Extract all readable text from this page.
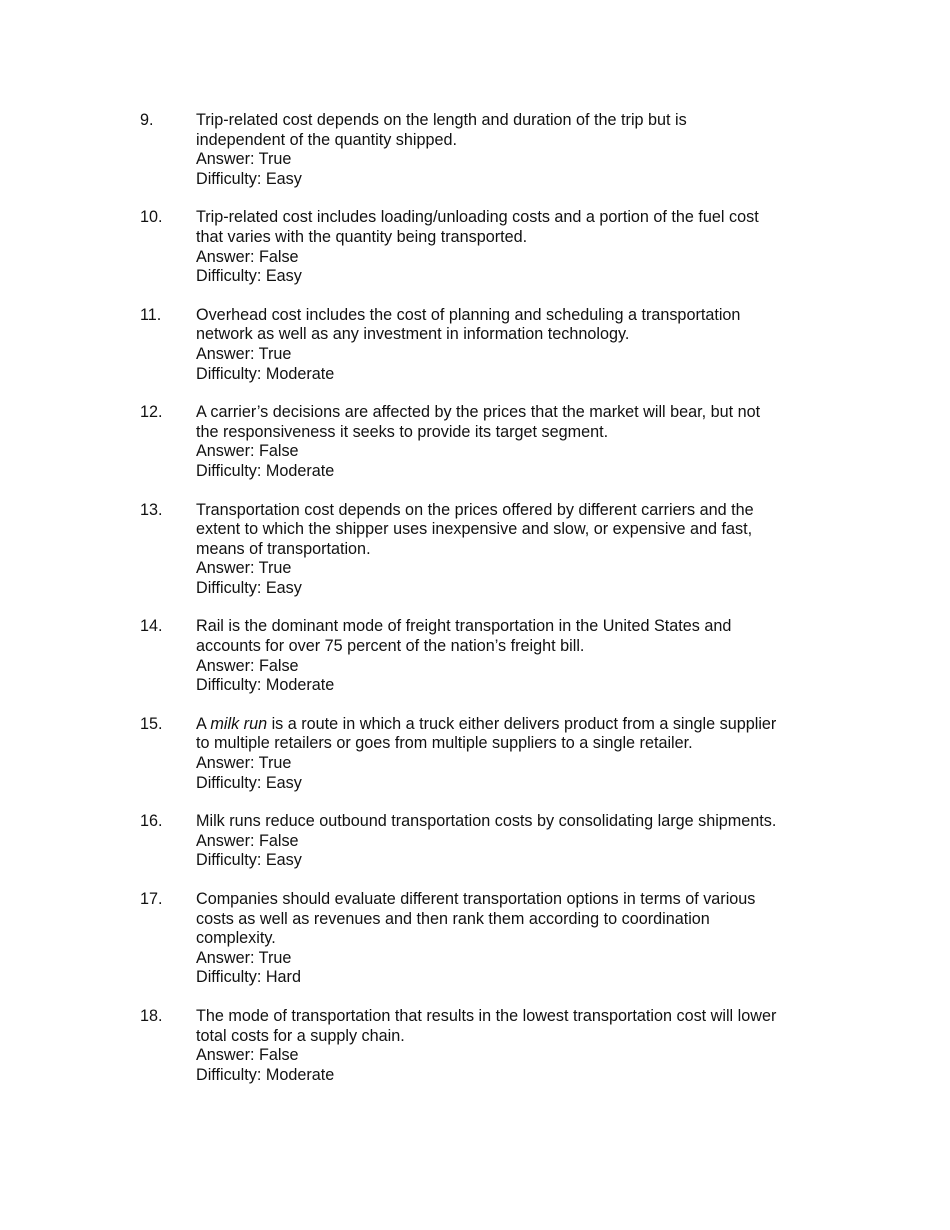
9.	Trip-related cost depends on the length and duration of the trip but is
independent of the quantity shipped.
Answer: True
Difficulty: Easy
10. Trip-related cost includes loading/unloading costs and a portion of the fuel cost
that varies with the quantity being transported.
Answer: False
Difficulty: Easy
11. Overhead cost includes the cost of planning and scheduling a transportation
network as well as any investment in information technology.
Answer: True
Difficulty: Moderate
12. A carrier’s decisions are affected by the prices that the market will bear, but not
the responsiveness it seeks to provide its target segment.
Answer: False
Difficulty: Moderate
13. Transportation cost depends on the prices offered by different carriers and the
extent to which the shipper uses inexpensive and slow, or expensive and fast,
means of transportation.
Answer: True
Difficulty: Easy
14. Rail is the dominant mode of freight transportation in the United States and
accounts for over 75 percent of the nation’s freight bill.
Answer: False
Difficulty: Moderate
15. A milk run is a route in which a truck either delivers product from a single supplier
to multiple retailers or goes from multiple suppliers to a single retailer.
Answer: True
Difficulty: Easy
16. Milk runs reduce outbound transportation costs by consolidating large shipments.
Answer: False
Difficulty: Easy
17. Companies should evaluate different transportation options in terms of various
costs as well as revenues and then rank them according to coordination
complexity.
Answer: True
Difficulty: Hard
18. The mode of transportation that results in the lowest transportation cost will lower
total costs for a supply chain.
Answer: False
Difficulty: Moderate
